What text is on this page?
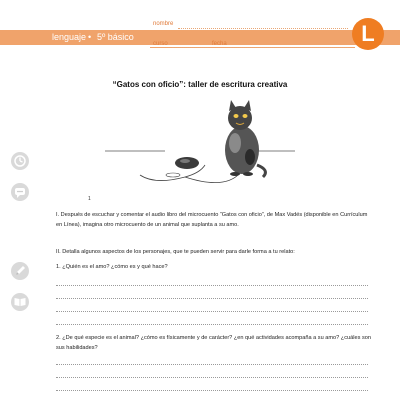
lenguaje • 5º básico
nombre
curso	fecha	L
“Gatos con oficio”: taller de escritura creativa
1
I. Después de escuchar y comentar el audio libro del microcuento “Gatos con oficio”, de Max Vadés (disponible en Currículum en Línea), imagina otro microcuento de un animal que suplanta a su amo.
II. Detalla algunos aspectos de los personajes, que te pueden servir para darle forma a tu relato:
1. ¿Quién es el amo? ¿cómo es y qué hace?
2. ¿De qué especie es el animal? ¿cómo es físicamente y de carácter? ¿en qué actividades acompaña a su amo? ¿cuáles son sus habilidades?
